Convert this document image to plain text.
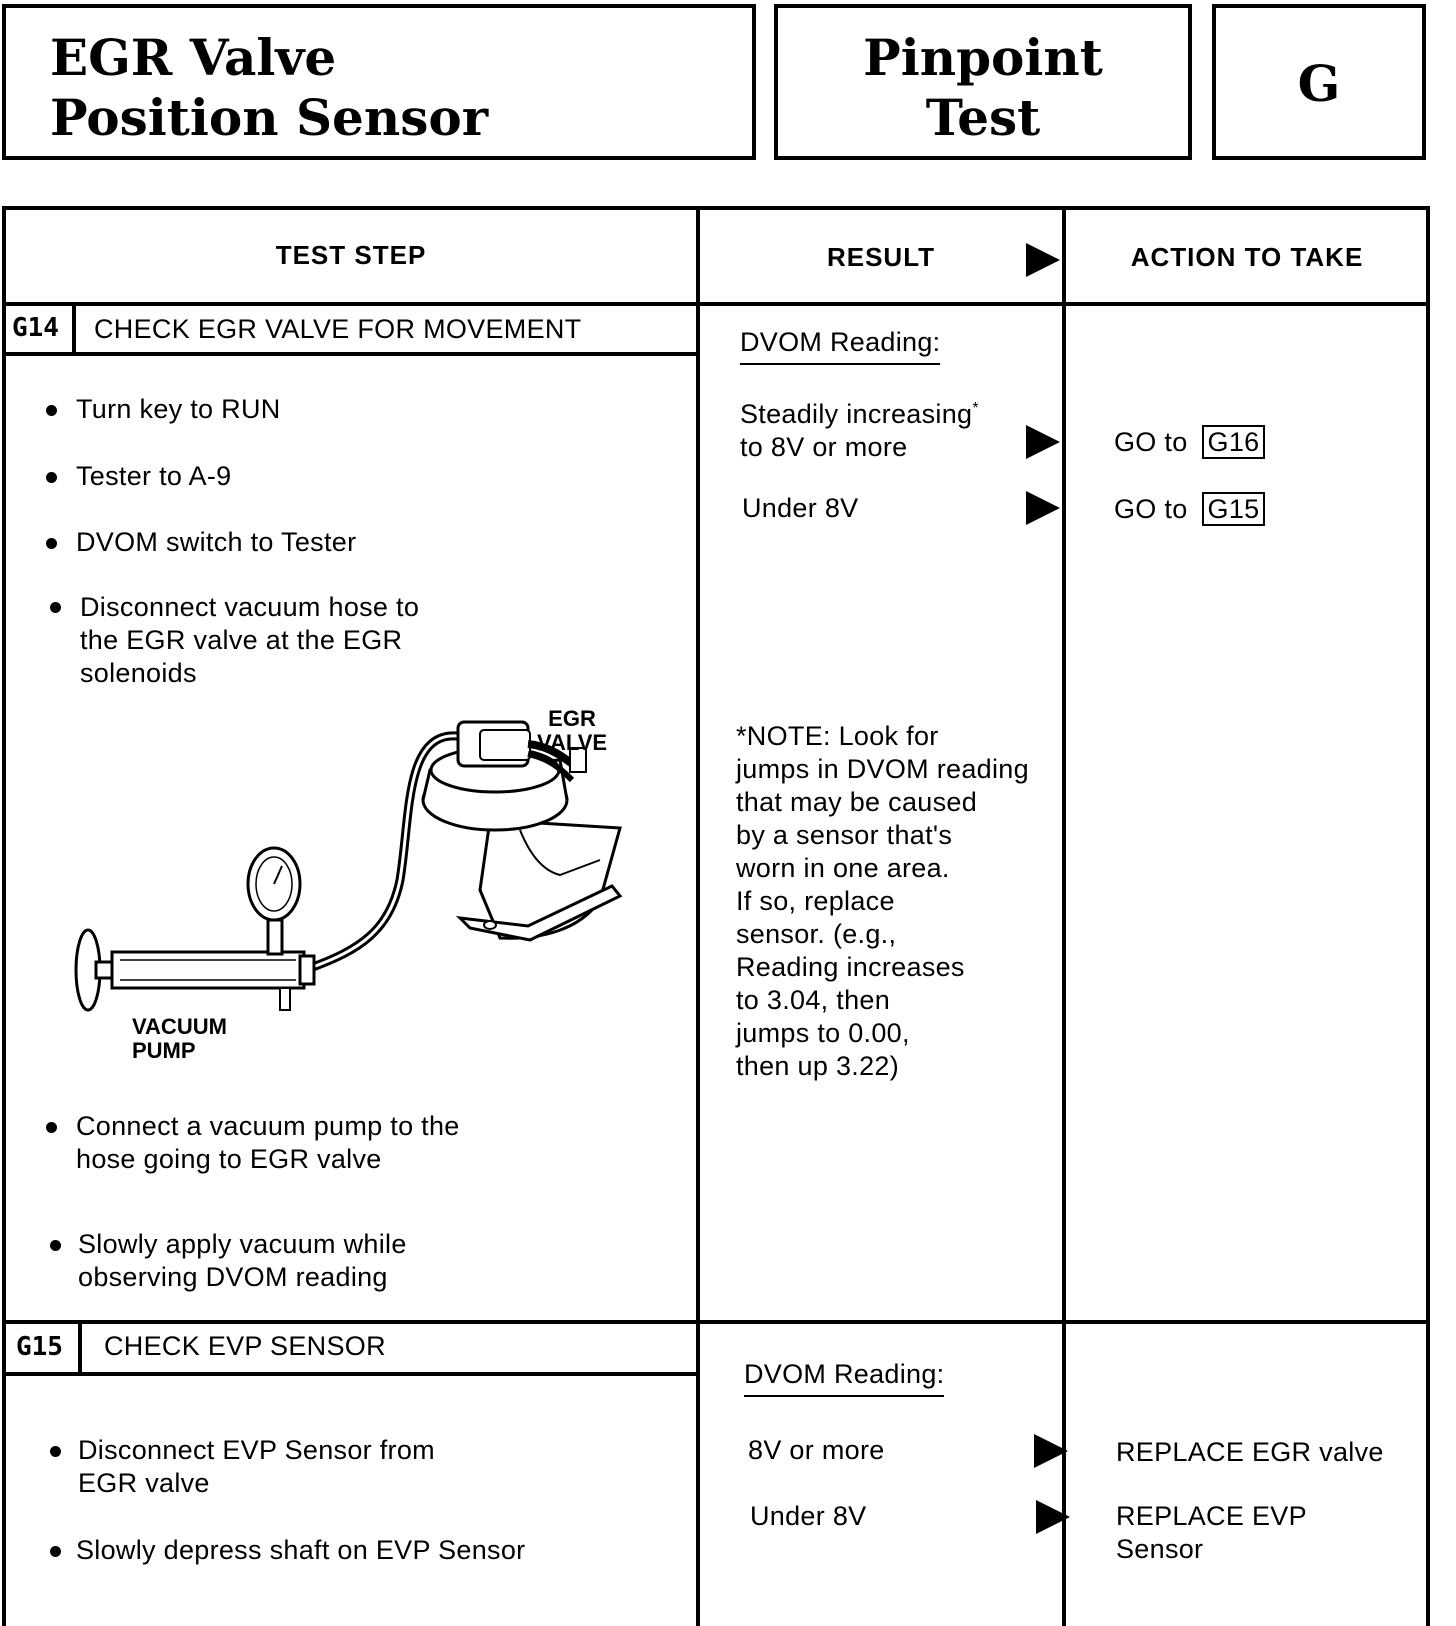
EGR Valve
Position Sensor
Pinpoint
Test
G
TEST STEP	RESULT	ACTION TO TAKE
G14 CHECK EGR VALVE FOR MOVEMENT
Turn key to RUN
Tester to A-9
DVOM switch to Tester
Disconnect vacuum hose to
the EGR valve at the EGR
solenoids
EGR
VALVE
VACUUM
PUMP
Connect a vacuum pump to the
hose going to EGR valve
Slowly apply vacuum while
observing DVOM reading
DVOM Reading:
Steadily increasing*
to 8V or more
Under 8V
GO to G16
GO to G15
*NOTE: Look for
jumps in DVOM reading
that may be caused
by a sensor that's
worn in one area.
If so, replace
sensor. (e.g.,
Reading increases
to 3.04, then
jumps to 0.00,
then up 3.22)
G15 CHECK EVP SENSOR
Disconnect EVP Sensor from
EGR valve
Slowly depress shaft on EVP Sensor
DVOM Reading:
8V or more
Under 8V
REPLACE EGR valve
REPLACE EVP
Sensor
